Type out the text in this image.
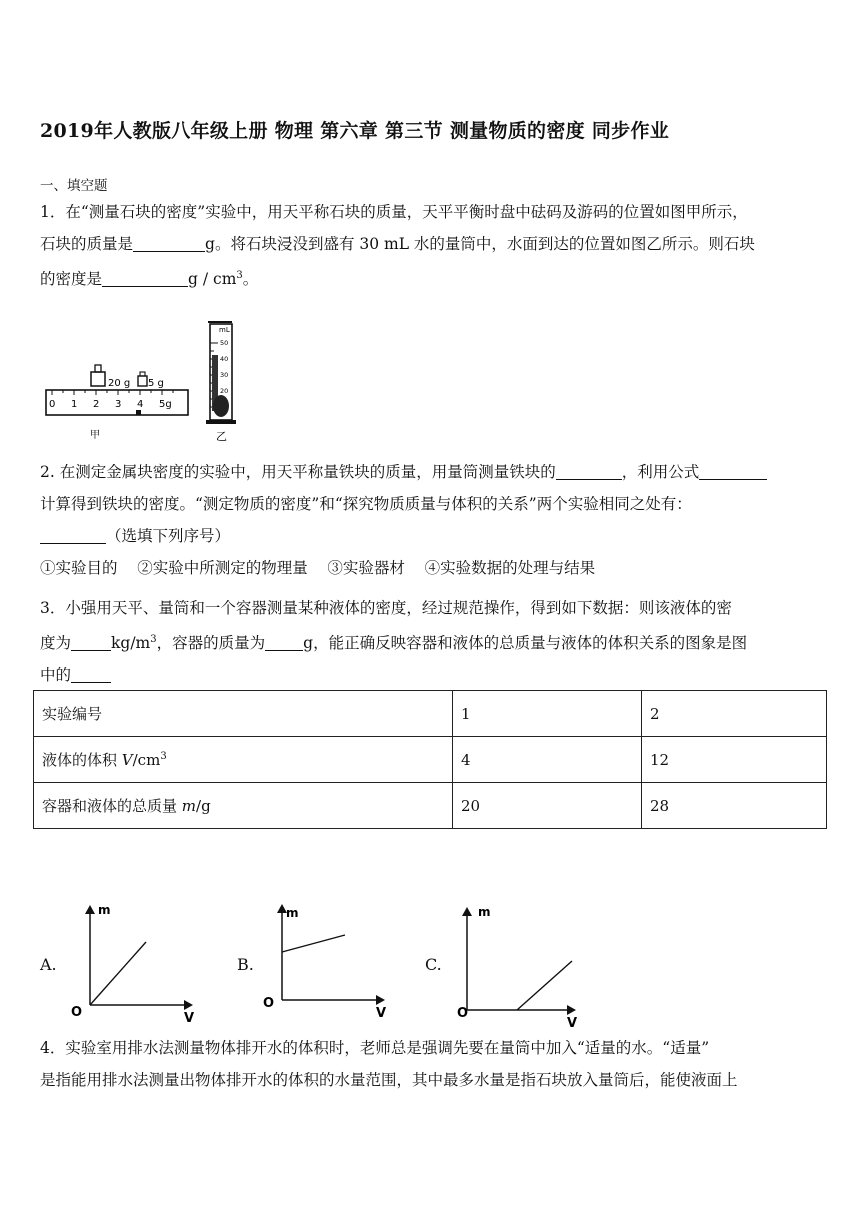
2019年人教版八年级上册 物理 第六章 第三节 测量物质的密度 同步作业
一、填空题
1．在“测量石块的密度”实验中，用天平称石块的质量，天平平衡时盘中砝码及游码的位置如图甲所示，
石块的质量是	g。将石块浸没到盛有 30 mL 水的量筒中，水面到达的位置如图乙所示。则石块
的密度是	g / $cm^3$。
20 g 5 g
0 1 2 3 4 5g
甲
mL
50
40
30
20
乙
2. 在测定金属块密度的实验中，用天平称量铁块的质量，用量筒测量铁块的	，利用公式
计算得到铁块的密度。“测定物质的密度”和“探究物质质量与体积的关系”两个实验相同之处有：
（选填下列序号）
①实验目的    ②实验中所测定的物理量    ③实验器材    ④实验数据的处理与结果
3．小强用天平、量筒和一个容器测量某种液体的密度，经过规范操作，得到如下数据：则该液体的密
度为	$kg/m^3$，容器的质量为 g，能正确反映容器和液体的总质量与液体的体积关系的图象是图
中的
实验编号	1	2
液体的体积 $V/cm^3$	4	12
容器和液体的总质量 m/g	20	28
A.
m
V
O
B.
m
V
O
C.
m
V
O
4．实验室用排水法测量物体排开水的体积时，老师总是强调先要在量筒中加入“适量的水。“适量”
是指能用排水法测量出物体排开水的体积的水量范围，其中最多水量是指石块放入量筒后，能使液面上
